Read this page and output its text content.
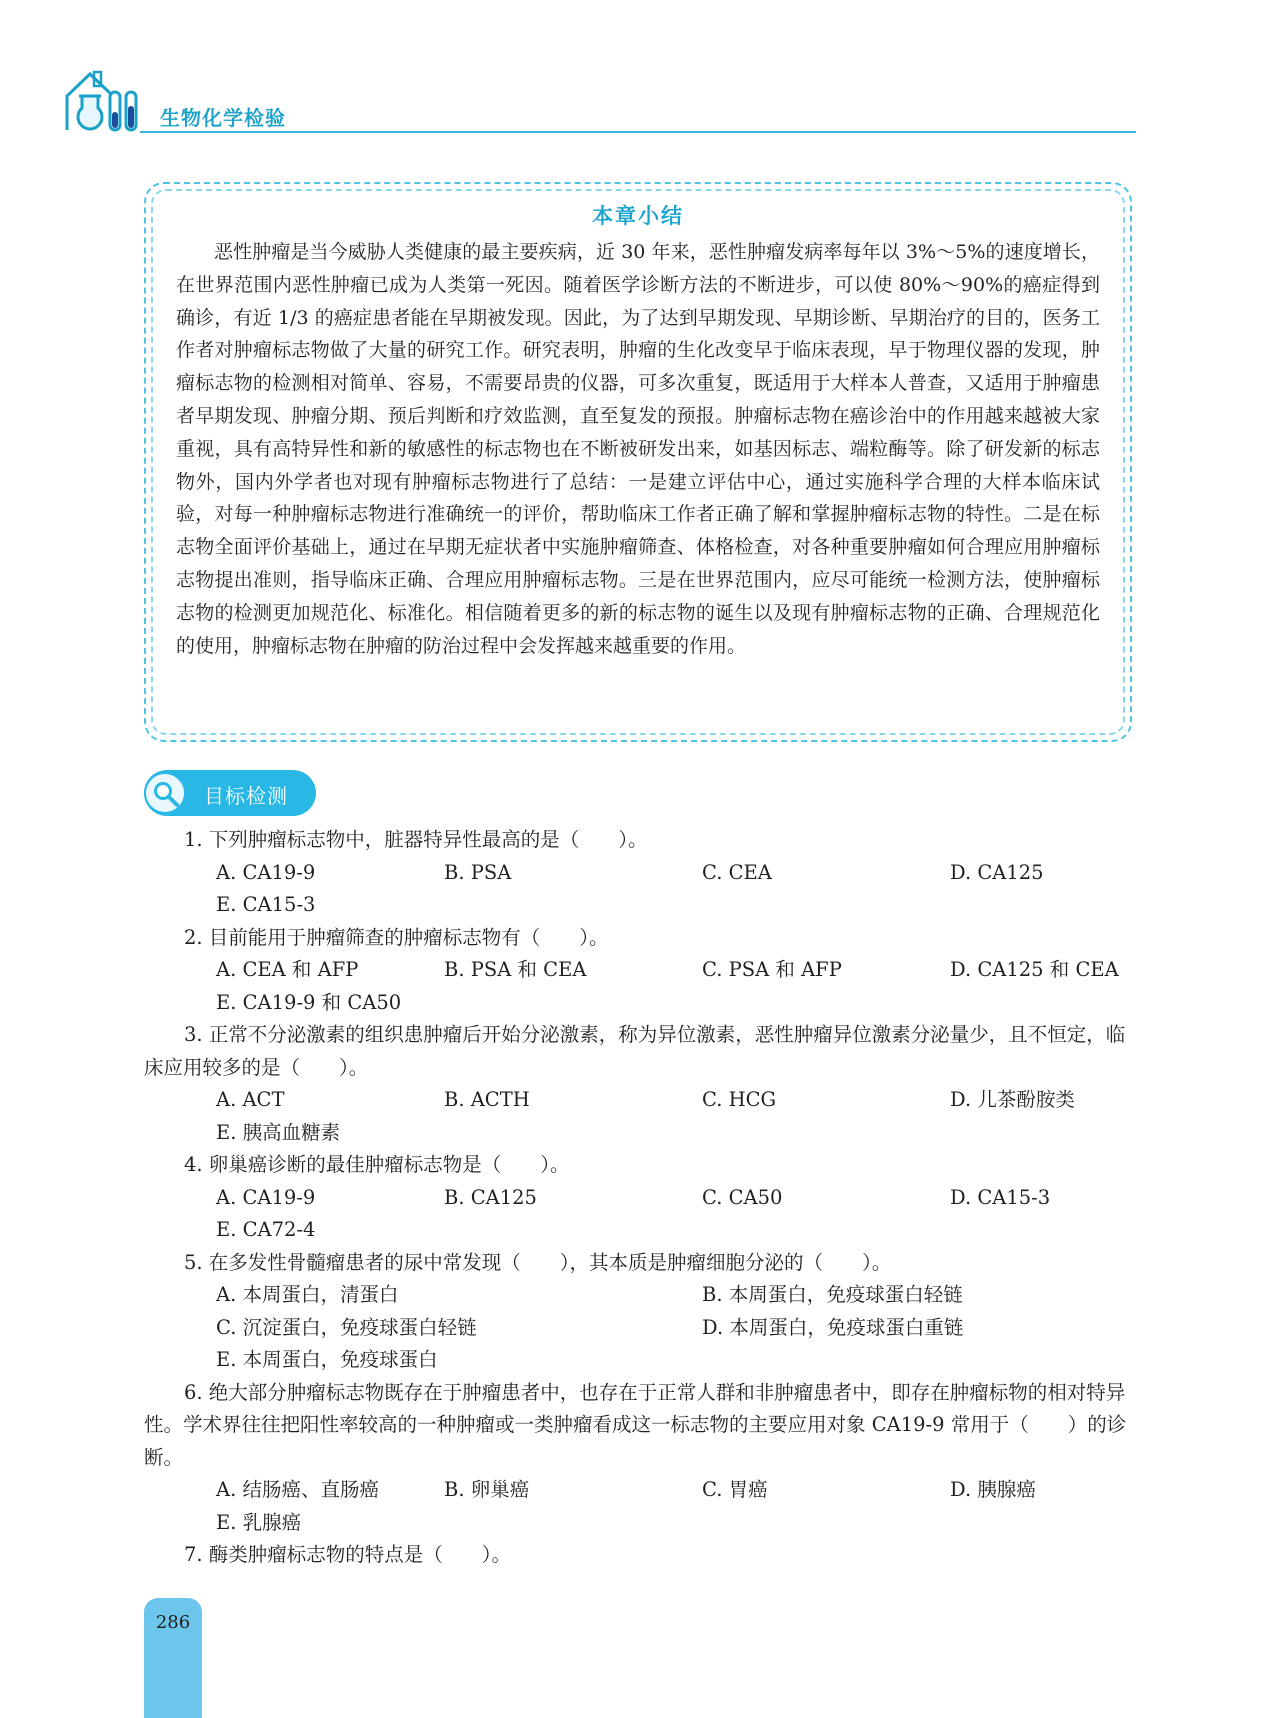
生物化学检验
本章小结
恶性肿瘤是当今威胁人类健康的最主要疾病，近 30 年来，恶性肿瘤发病率每年以 3%～5%的速度增长，在世界范围内恶性肿瘤已成为人类第一死因。随着医学诊断方法的不断进步，可以使 80%～90%的癌症得到确诊，有近 1/3 的癌症患者能在早期被发现。因此，为了达到早期发现、早期诊断、早期治疗的目的，医务工作者对肿瘤标志物做了大量的研究工作。研究表明，肿瘤的生化改变早于临床表现，早于物理仪器的发现，肿瘤标志物的检测相对简单、容易，不需要昂贵的仪器，可多次重复，既适用于大样本人普查，又适用于肿瘤患者早期发现、肿瘤分期、预后判断和疗效监测，直至复发的预报。肿瘤标志物在癌诊治中的作用越来越被大家重视，具有高特异性和新的敏感性的标志物也在不断被研发出来，如基因标志、端粒酶等。除了研发新的标志物外，国内外学者也对现有肿瘤标志物进行了总结：一是建立评估中心，通过实施科学合理的大样本临床试验，对每一种肿瘤标志物进行准确统一的评价，帮助临床工作者正确了解和掌握肿瘤标志物的特性。二是在标志物全面评价基础上，通过在早期无症状者中实施肿瘤筛查、体格检查，对各种重要肿瘤如何合理应用肿瘤标志物提出准则，指导临床正确、合理应用肿瘤标志物。三是在世界范围内，应尽可能统一检测方法，使肿瘤标志物的检测更加规范化、标准化。相信随着更多的新的标志物的诞生以及现有肿瘤标志物的正确、合理规范化的使用，肿瘤标志物在肿瘤的防治过程中会发挥越来越重要的作用。
目标检测
1. 下列肿瘤标志物中，脏器特异性最高的是（　　）。
A. CA19-9	B. PSA	C. CEA	D. CA125
E. CA15-3
2. 目前能用于肿瘤筛查的肿瘤标志物有（　　）。
A. CEA 和 AFP	B. PSA 和 CEA	C. PSA 和 AFP	D. CA125 和 CEA
E. CA19-9 和 CA50
3. 正常不分泌激素的组织患肿瘤后开始分泌激素，称为异位激素，恶性肿瘤异位激素分泌量少，且不恒定，临床应用较多的是（　　）。
A. ACT	B. ACTH	C. HCG	D. 儿茶酚胺类
E. 胰高血糖素
4. 卵巢癌诊断的最佳肿瘤标志物是（　　）。
A. CA19-9	B. CA125	C. CA50	D. CA15-3
E. CA72-4
5. 在多发性骨髓瘤患者的尿中常发现（　　），其本质是肿瘤细胞分泌的（　　）。
A. 本周蛋白，清蛋白	B. 本周蛋白，免疫球蛋白轻链
C. 沉淀蛋白，免疫球蛋白轻链	D. 本周蛋白，免疫球蛋白重链
E. 本周蛋白，免疫球蛋白
6. 绝大部分肿瘤标志物既存在于肿瘤患者中，也存在于正常人群和非肿瘤患者中，即存在肿瘤标物的相对特异性。学术界往往把阳性率较高的一种肿瘤或一类肿瘤看成这一标志物的主要应用对象 CA19-9 常用于（　　）的诊断。
A. 结肠癌、直肠癌	B. 卵巢癌	C. 胃癌	D. 胰腺癌
E. 乳腺癌
7. 酶类肿瘤标志物的特点是（　　）。
286
